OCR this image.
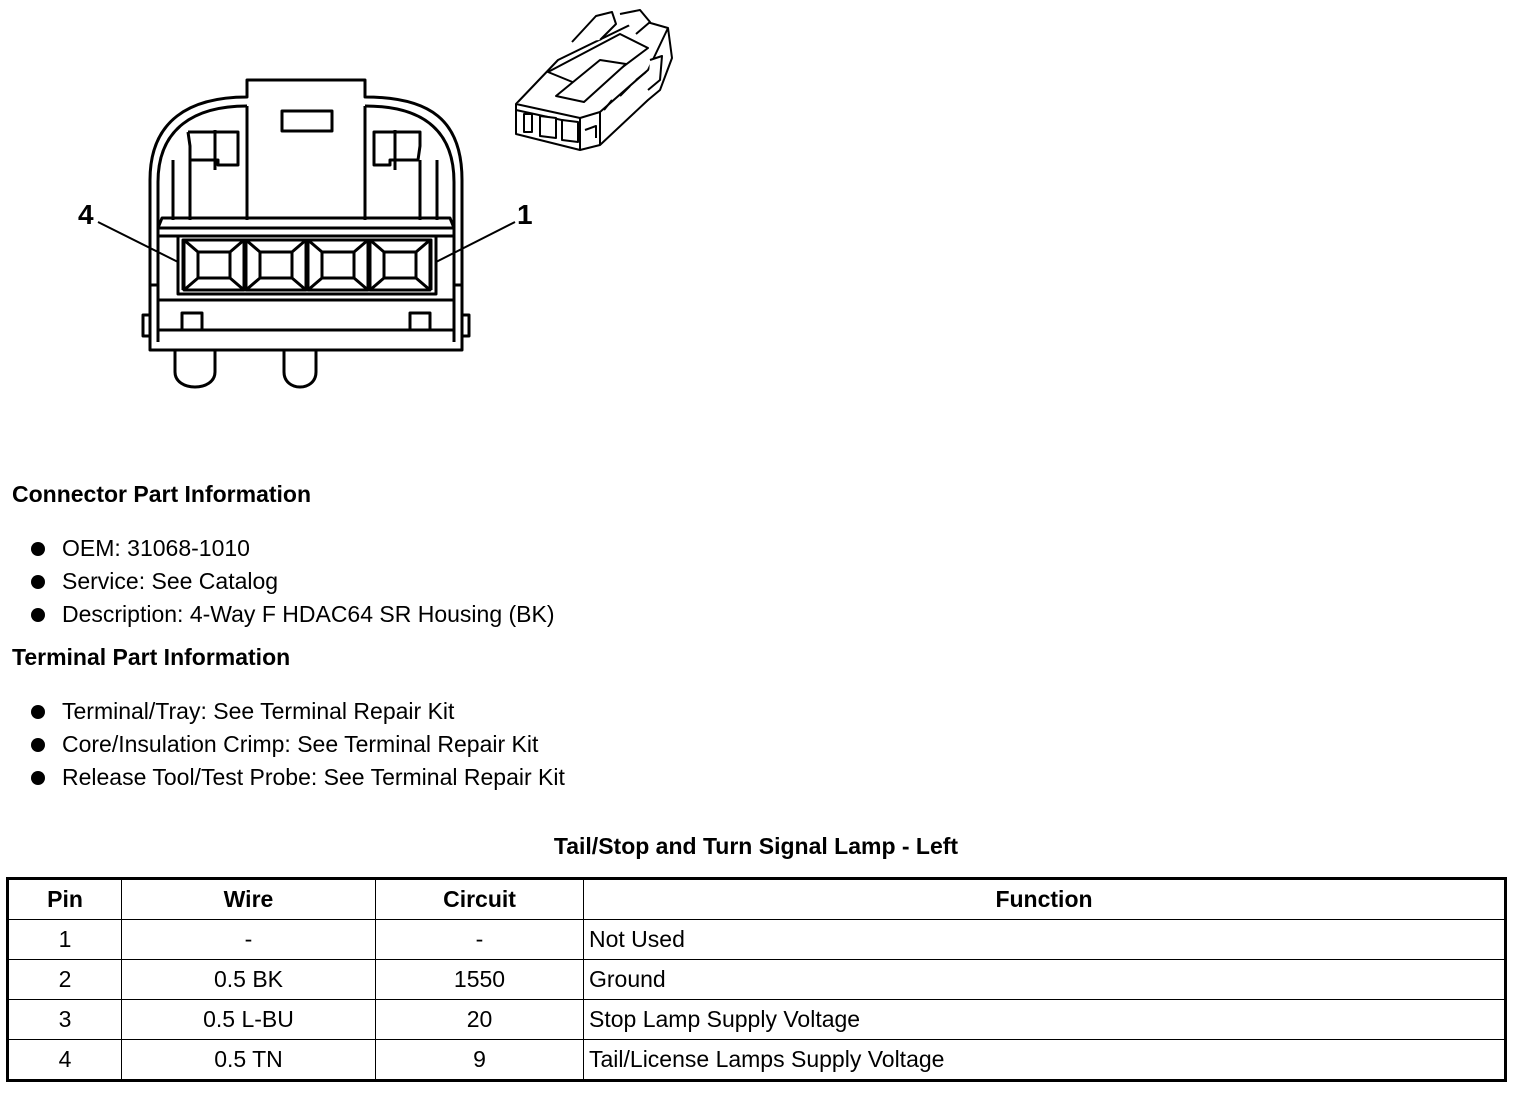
4	1
Connector Part Information
OEM: 31068-1010
Service: See Catalog
Description: 4-Way F HDAC64 SR Housing (BK)
Terminal Part Information
Terminal/Tray: See Terminal Repair Kit
Core/Insulation Crimp: See Terminal Repair Kit
Release Tool/Test Probe: See Terminal Repair Kit

Tail/Stop and Turn Signal Lamp - Left

Pin	Wire	Circuit	Function
1	-	-	Not Used
2	0.5 BK	1550	Ground
3	0.5 L-BU	20	Stop Lamp Supply Voltage
4	0.5 TN	9	Tail/License Lamps Supply Voltage
